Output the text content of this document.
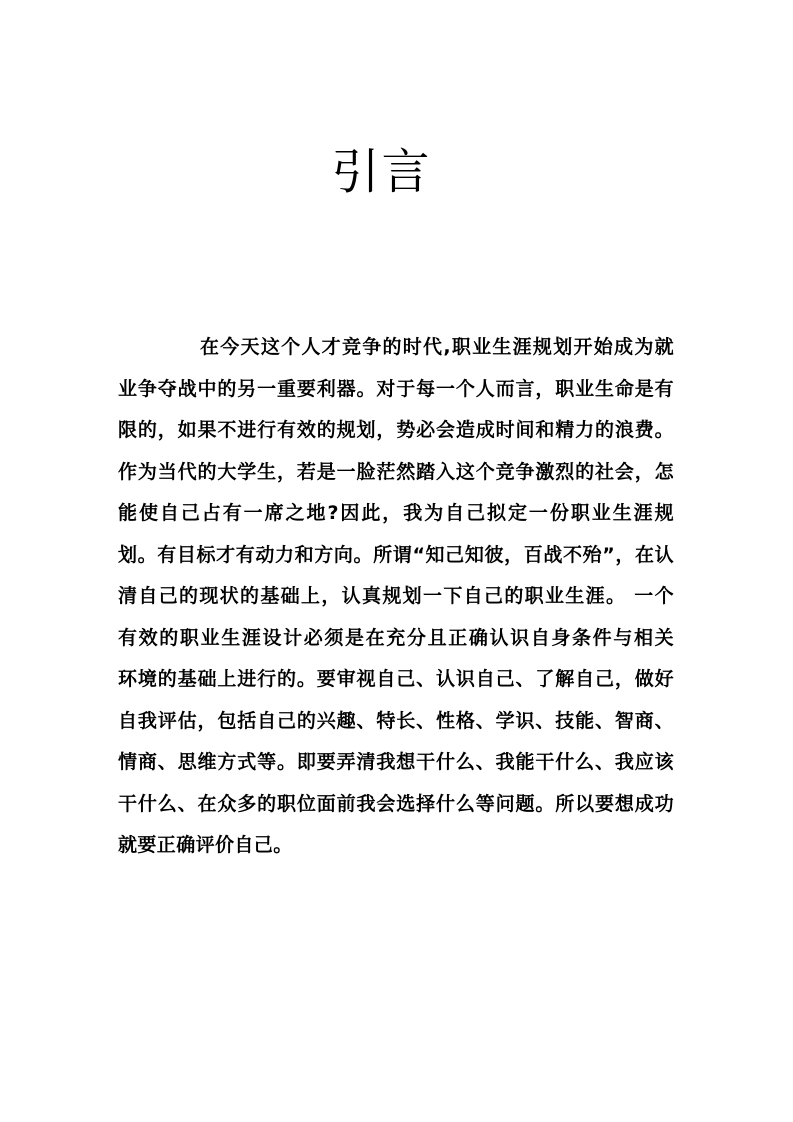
引言
在今天这个人才竞争的时代,职业生涯规划开始成为就
业争夺战中的另一重要利器。对于每一个人而言，职业生命是有
限的，如果不进行有效的规划，势必会造成时间和精力的浪费。
作为当代的大学生，若是一脸茫然踏入这个竞争激烈的社会，怎
能使自己占有一席之地?因此，我为自己拟定一份职业生涯规
划。有目标才有动力和方向。所谓“知己知彼，百战不殆”，在认
清自己的现状的基础上，认真规划一下自己的职业生涯。 一个
有效的职业生涯设计必须是在充分且正确认识自身条件与相关
环境的基础上进行的。要审视自己、认识自己、了解自己，做好
自我评估，包括自己的兴趣、特长、性格、学识、技能、智商、
情商、思维方式等。即要弄清我想干什么、我能干什么、我应该
干什么、在众多的职位面前我会选择什么等问题。所以要想成功
就要正确评价自己。
